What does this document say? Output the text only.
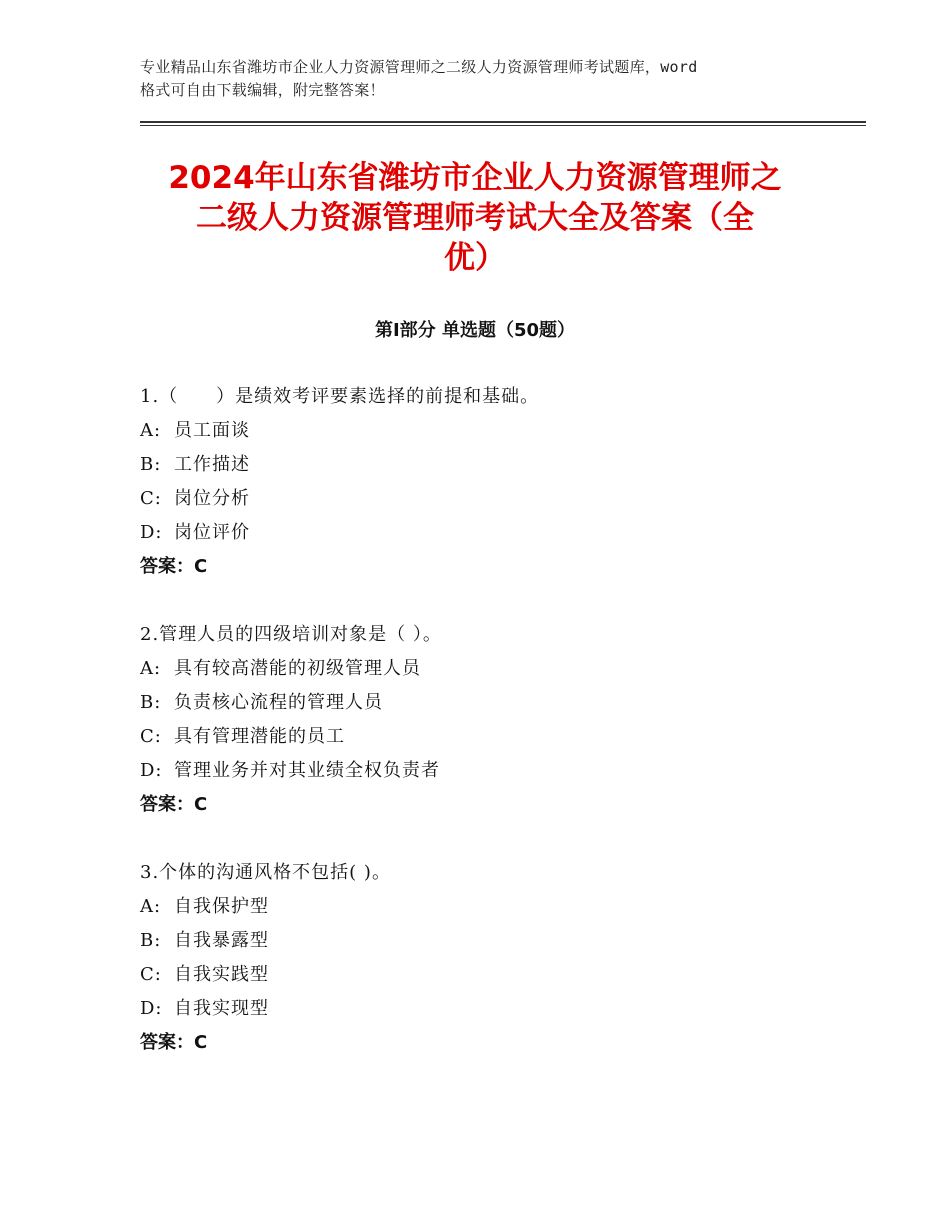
专业精品山东省潍坊市企业人力资源管理师之二级人力资源管理师考试题库，word
格式可自由下载编辑，附完整答案！
2024年山东省潍坊市企业人力资源管理师之
二级人力资源管理师考试大全及答案（全
优）
第Ⅰ部分 单选题（50题）
1.（　　）是绩效考评要素选择的前提和基础。
A: 员工面谈
B: 工作描述
C: 岗位分析
D: 岗位评价
答案：C
2.管理人员的四级培训对象是（ ）。
A: 具有较高潜能的初级管理人员
B: 负责核心流程的管理人员
C: 具有管理潜能的员工
D: 管理业务并对其业绩全权负责者
答案：C
3.个体的沟通风格不包括( )。
A: 自我保护型
B: 自我暴露型
C: 自我实践型
D: 自我实现型
答案：C
